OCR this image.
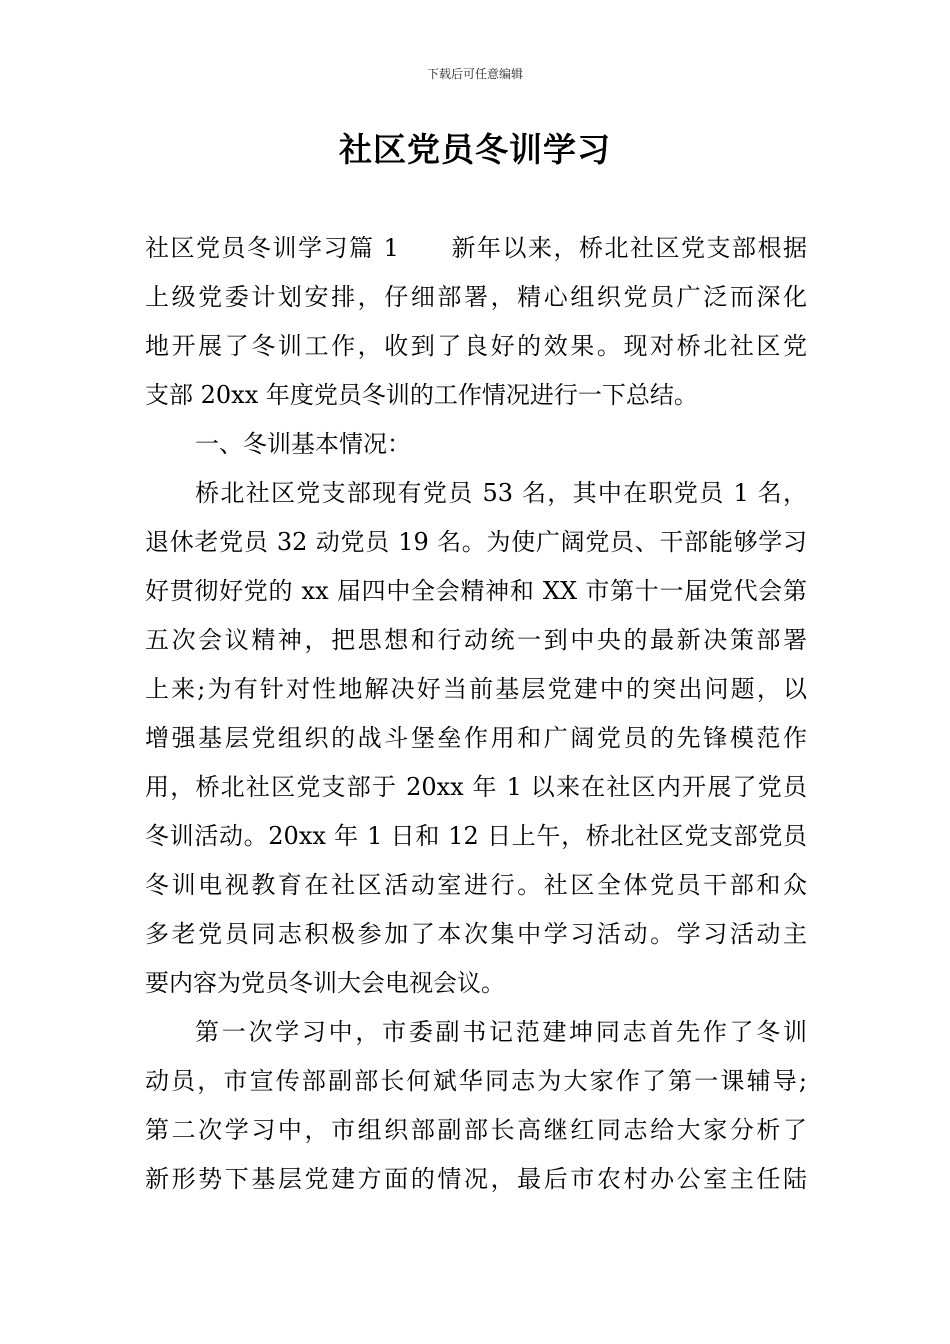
下载后可任意编辑
社区党员冬训学习
社区党员冬训学习篇 1　　新年以来，桥北社区党支部根据
上级党委计划安排，仔细部署，精心组织党员广泛而深化
地开展了冬训工作，收到了良好的效果。现对桥北社区党
支部 20xx 年度党员冬训的工作情况进行一下总结。
一、冬训基本情况：
桥北社区党支部现有党员 53 名，其中在职党员 1 名，
退休老党员 32 动党员 19 名。为使广阔党员、干部能够学习
好贯彻好党的 xx 届四中全会精神和 XX 市第十一届党代会第
五次会议精神，把思想和行动统一到中央的最新决策部署
上来;为有针对性地解决好当前基层党建中的突出问题，以
增强基层党组织的战斗堡垒作用和广阔党员的先锋模范作
用，桥北社区党支部于 20xx 年 1 以来在社区内开展了党员
冬训活动。20xx 年 1 日和 12 日上午，桥北社区党支部党员
冬训电视教育在社区活动室进行。社区全体党员干部和众
多老党员同志积极参加了本次集中学习活动。学习活动主
要内容为党员冬训大会电视会议。
第一次学习中，市委副书记范建坤同志首先作了冬训
动员，市宣传部副部长何斌华同志为大家作了第一课辅导;
第二次学习中，市组织部副部长高继红同志给大家分析了
新形势下基层党建方面的情况，最后市农村办公室主任陆
